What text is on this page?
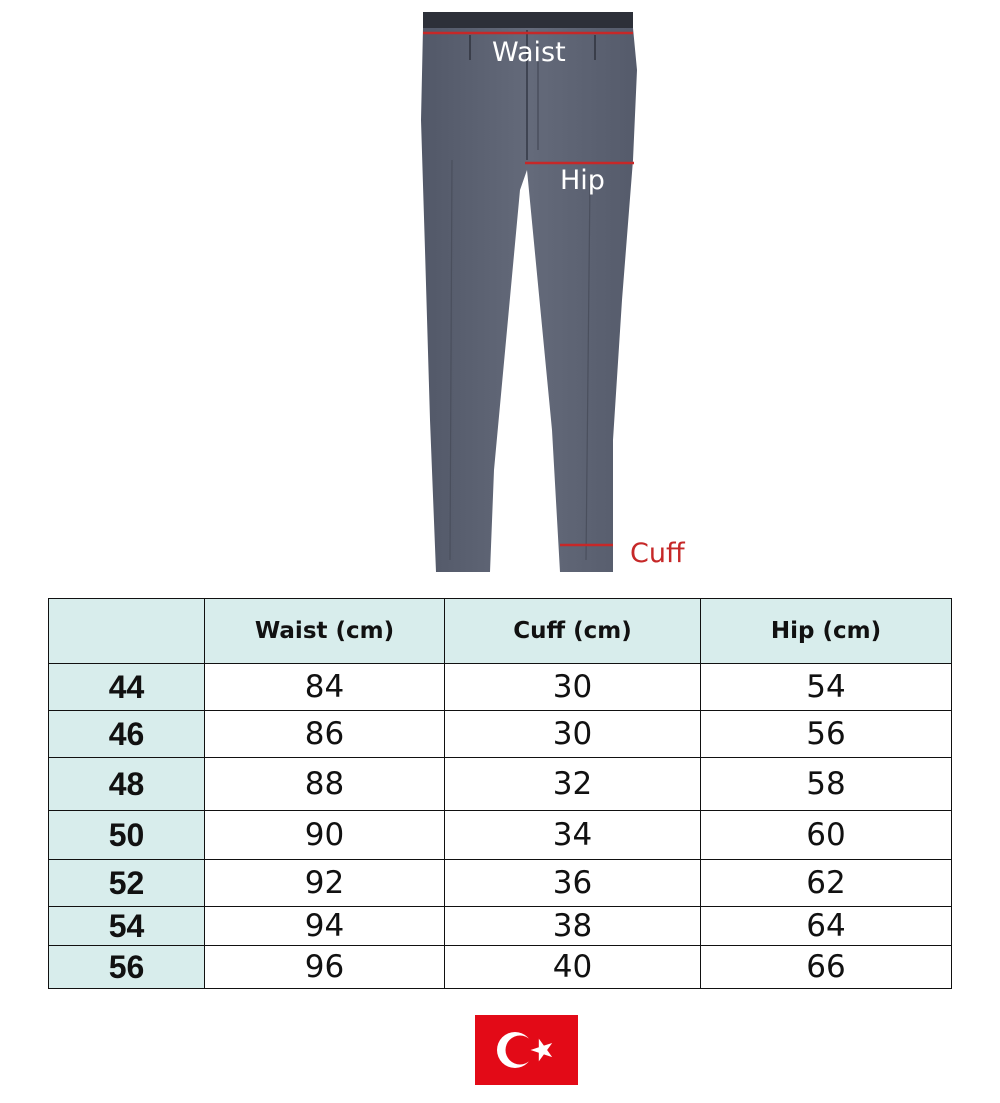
Waist
Hip
Cuff
	Waist (cm)	Cuff (cm)	Hip (cm)
44	84	30	54
46	86	30	56
48	88	32	58
50	90	34	60
52	92	36	62
54	94	38	64
56	96	40	66
